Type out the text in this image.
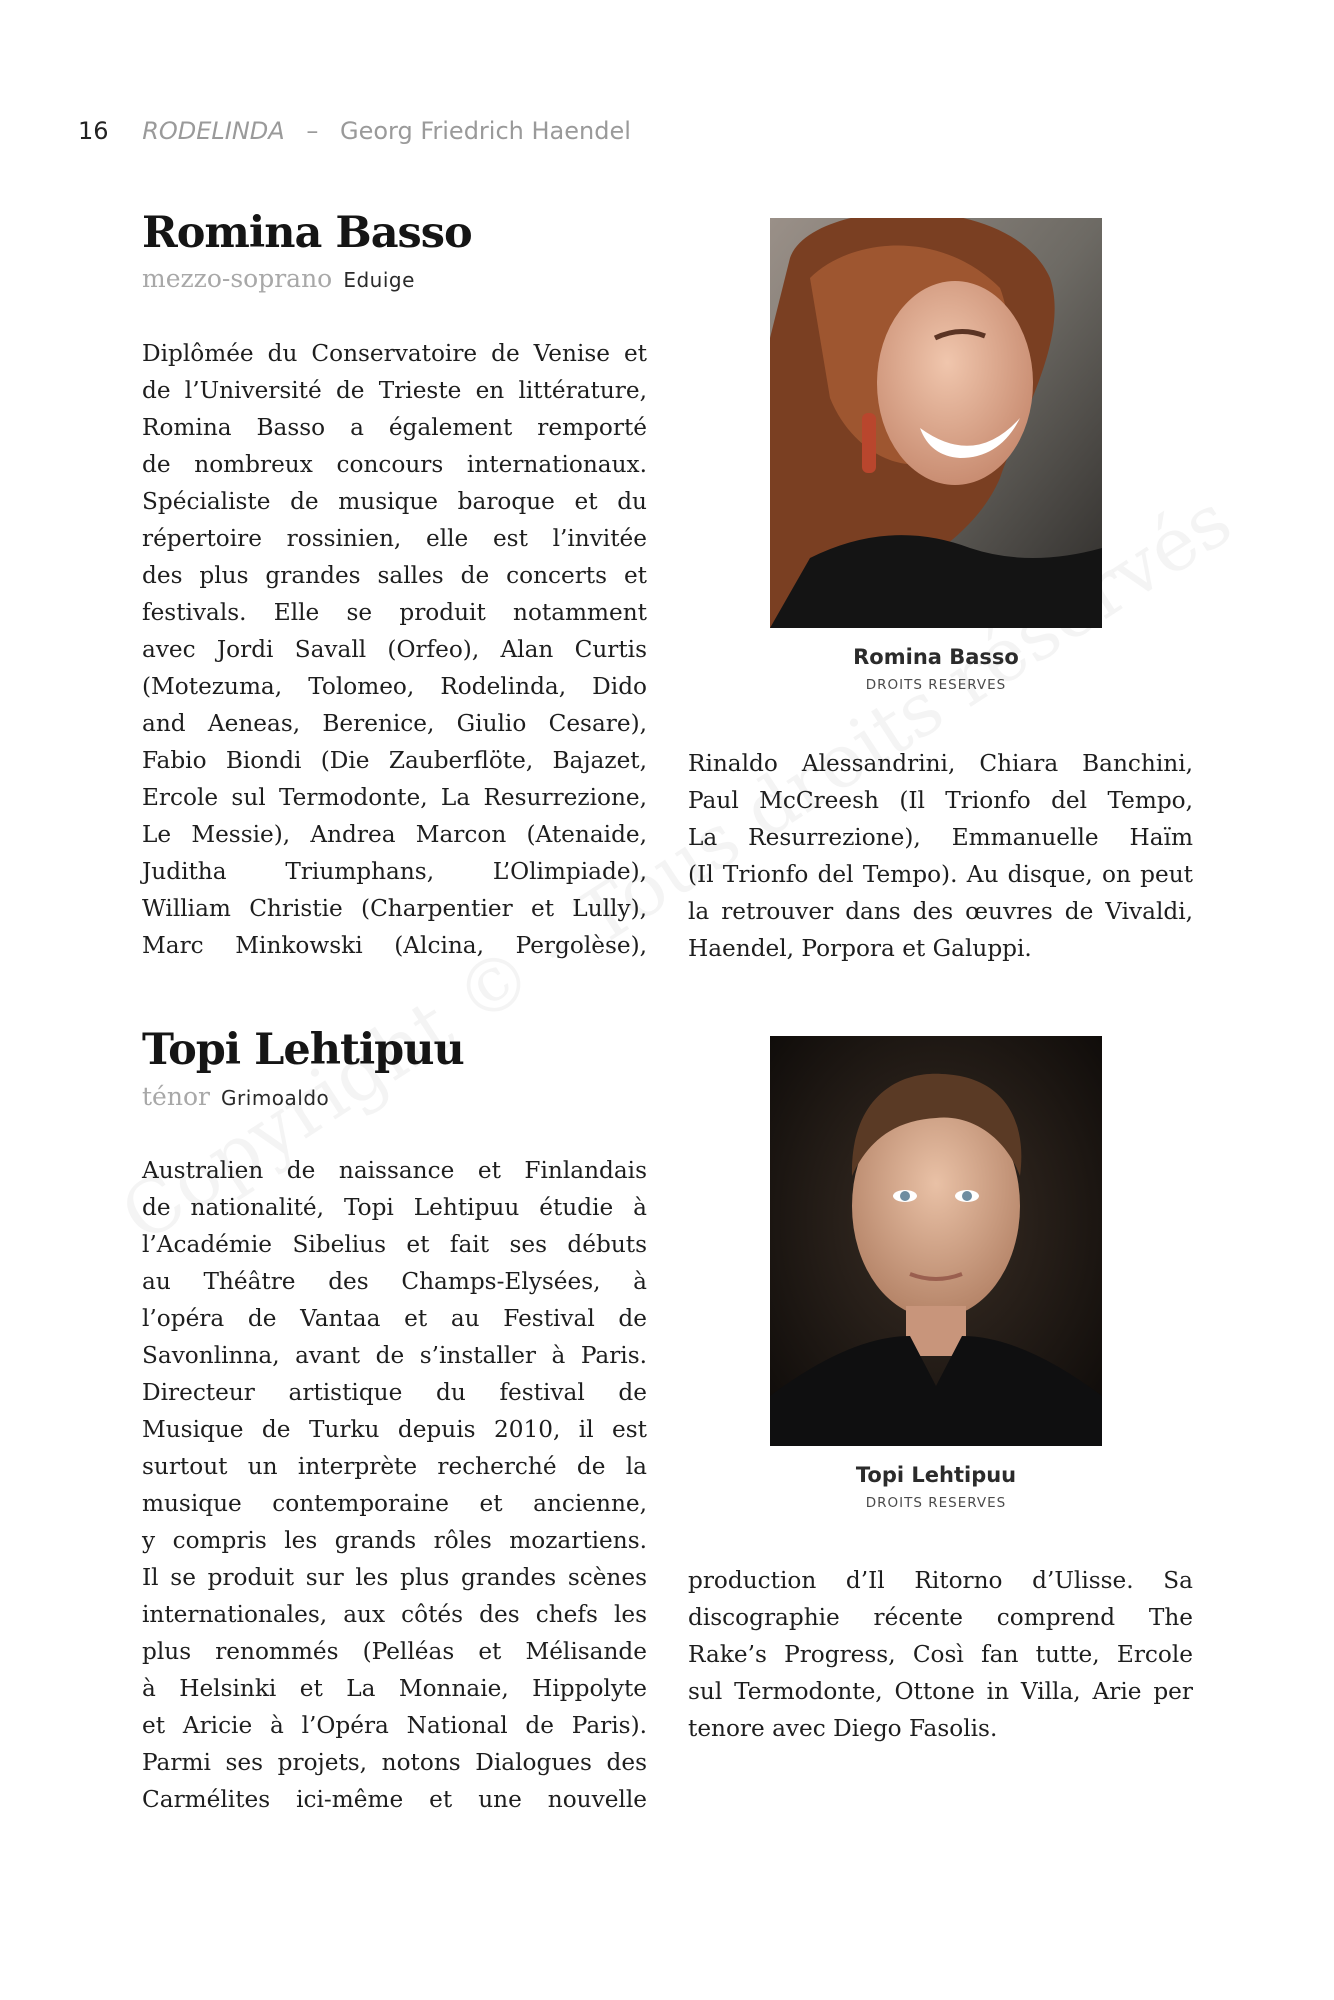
16 RODELINDA – Georg Friedrich Haendel
Romina Basso
mezzo-soprano Eduige
Diplômée du Conservatoire de Venise et
de l’Université de Trieste en littérature,
Romina Basso a également remporté
de nombreux concours internationaux.
Spécialiste de musique baroque et du
répertoire rossinien, elle est l’invitée
des plus grandes salles de concerts et
festivals. Elle se produit notamment
avec Jordi Savall (Orfeo), Alan Curtis
(Motezuma, Tolomeo, Rodelinda, Dido
and Aeneas, Berenice, Giulio Cesare),
Fabio Biondi (Die Zauberflöte, Bajazet,
Ercole sul Termodonte, La Resurrezione,
Le Messie), Andrea Marcon (Atenaide,
Juditha Triumphans, L’Olimpiade),
William Christie (Charpentier et Lully),
Marc Minkowski (Alcina, Pergolèse),
Romina Basso
DROITS RESERVES
Rinaldo Alessandrini, Chiara Banchini,
Paul McCreesh (Il Trionfo del Tempo,
La Resurrezione), Emmanuelle Haïm
(Il Trionfo del Tempo). Au disque, on peut
la retrouver dans des œuvres de Vivaldi,
Haendel, Porpora et Galuppi.
Topi Lehtipuu
ténor Grimoaldo
Australien de naissance et Finlandais
de nationalité, Topi Lehtipuu étudie à
l’Académie Sibelius et fait ses débuts
au Théâtre des Champs-Elysées, à
l’opéra de Vantaa et au Festival de
Savonlinna, avant de s’installer à Paris.
Directeur artistique du festival de
Musique de Turku depuis 2010, il est
surtout un interprète recherché de la
musique contemporaine et ancienne,
y compris les grands rôles mozartiens.
Il se produit sur les plus grandes scènes
internationales, aux côtés des chefs les
plus renommés (Pelléas et Mélisande
à Helsinki et La Monnaie, Hippolyte
et Aricie à l’Opéra National de Paris).
Parmi ses projets, notons Dialogues des
Carmélites ici-même et une nouvelle
Topi Lehtipuu
DROITS RESERVES
production d’Il Ritorno d’Ulisse. Sa
discographie récente comprend The
Rake’s Progress, Così fan tutte, Ercole
sul Termodonte, Ottone in Villa, Arie per
tenore avec Diego Fasolis.
